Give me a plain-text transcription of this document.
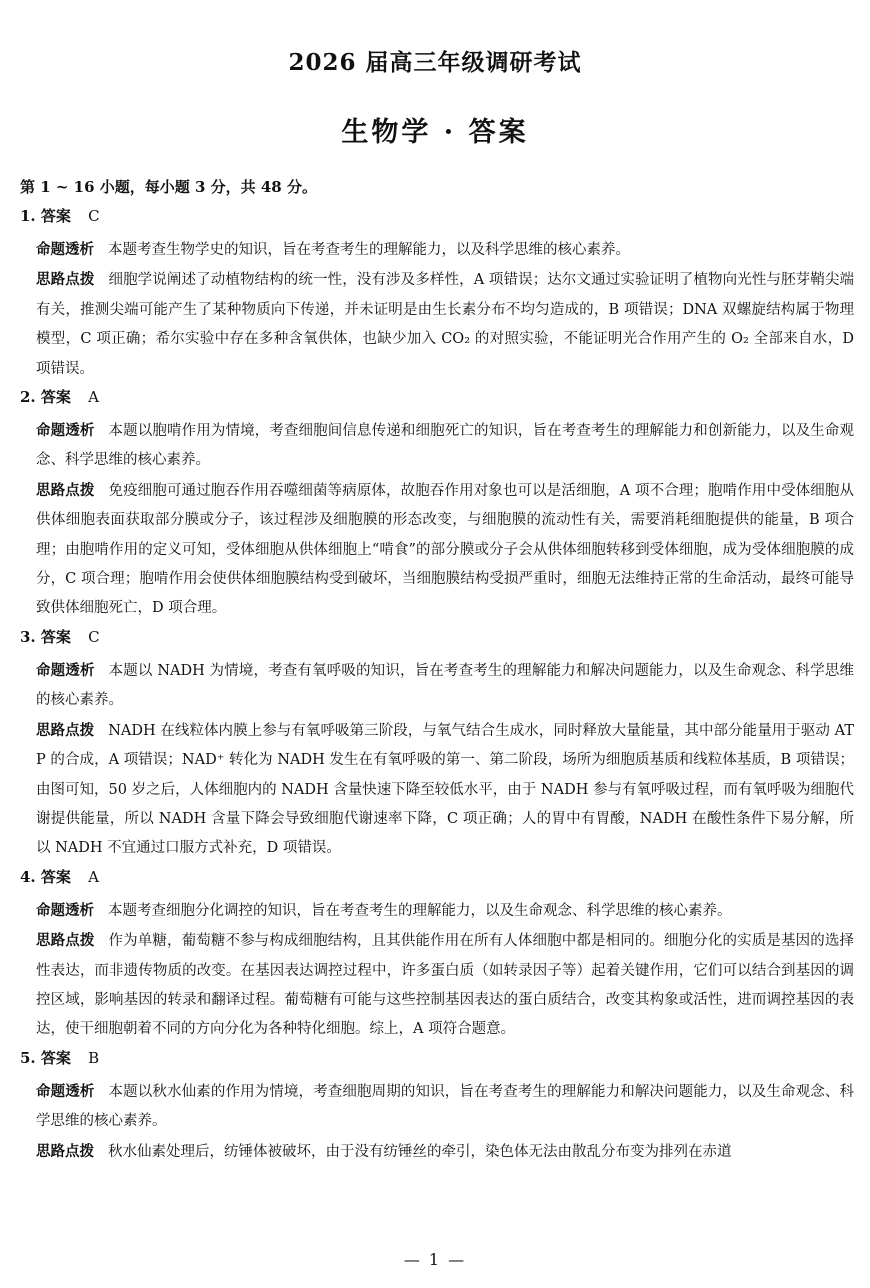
2026 届高三年级调研考试
生物学 · 答案
第 1 ~ 16 小题，每小题 3 分，共 48 分。
1. 答案 C
命题透析 本题考查生物学史的知识，旨在考查考生的理解能力，以及科学思维的核心素养。
思路点拨 细胞学说阐述了动植物结构的统一性，没有涉及多样性，A 项错误；达尔文通过实验证明了植物向光性与胚芽鞘尖端有关，推测尖端可能产生了某种物质向下传递，并未证明是由生长素分布不均匀造成的，B 项错误；DNA 双螺旋结构属于物理模型，C 项正确；希尔实验中存在多种含氧供体，也缺少加入 CO₂ 的对照实验，不能证明光合作用产生的 O₂ 全部来自水，D 项错误。
2. 答案 A
命题透析 本题以胞啃作用为情境，考查细胞间信息传递和细胞死亡的知识，旨在考查考生的理解能力和创新能力，以及生命观念、科学思维的核心素养。
思路点拨 免疫细胞可通过胞吞作用吞噬细菌等病原体，故胞吞作用对象也可以是活细胞，A 项不合理；胞啃作用中受体细胞从供体细胞表面获取部分膜或分子，该过程涉及细胞膜的形态改变，与细胞膜的流动性有关，需要消耗细胞提供的能量，B 项合理；由胞啃作用的定义可知，受体细胞从供体细胞上“啃食”的部分膜或分子会从供体细胞转移到受体细胞，成为受体细胞膜的成分，C 项合理；胞啃作用会使供体细胞膜结构受到破坏，当细胞膜结构受损严重时，细胞无法维持正常的生命活动，最终可能导致供体细胞死亡，D 项合理。
3. 答案 C
命题透析 本题以 NADH 为情境，考查有氧呼吸的知识，旨在考查考生的理解能力和解决问题能力，以及生命观念、科学思维的核心素养。
思路点拨 NADH 在线粒体内膜上参与有氧呼吸第三阶段，与氧气结合生成水，同时释放大量能量，其中部分能量用于驱动 ATP 的合成，A 项错误；NAD⁺ 转化为 NADH 发生在有氧呼吸的第一、第二阶段，场所为细胞质基质和线粒体基质，B 项错误；由图可知，50 岁之后，人体细胞内的 NADH 含量快速下降至较低水平，由于 NADH 参与有氧呼吸过程，而有氧呼吸为细胞代谢提供能量，所以 NADH 含量下降会导致细胞代谢速率下降，C 项正确；人的胃中有胃酸，NADH 在酸性条件下易分解，所以 NADH 不宜通过口服方式补充，D 项错误。
4. 答案 A
命题透析 本题考查细胞分化调控的知识，旨在考查考生的理解能力，以及生命观念、科学思维的核心素养。
思路点拨 作为单糖，葡萄糖不参与构成细胞结构，且其供能作用在所有人体细胞中都是相同的。细胞分化的实质是基因的选择性表达，而非遗传物质的改变。在基因表达调控过程中，许多蛋白质（如转录因子等）起着关键作用，它们可以结合到基因的调控区域，影响基因的转录和翻译过程。葡萄糖有可能与这些控制基因表达的蛋白质结合，改变其构象或活性，进而调控基因的表达，使干细胞朝着不同的方向分化为各种特化细胞。综上，A 项符合题意。
5. 答案 B
命题透析 本题以秋水仙素的作用为情境，考查细胞周期的知识，旨在考查考生的理解能力和解决问题能力，以及生命观念、科学思维的核心素养。
思路点拨 秋水仙素处理后，纺锤体被破坏，由于没有纺锤丝的牵引，染色体无法由散乱分布变为排列在赤道
— 1 —
